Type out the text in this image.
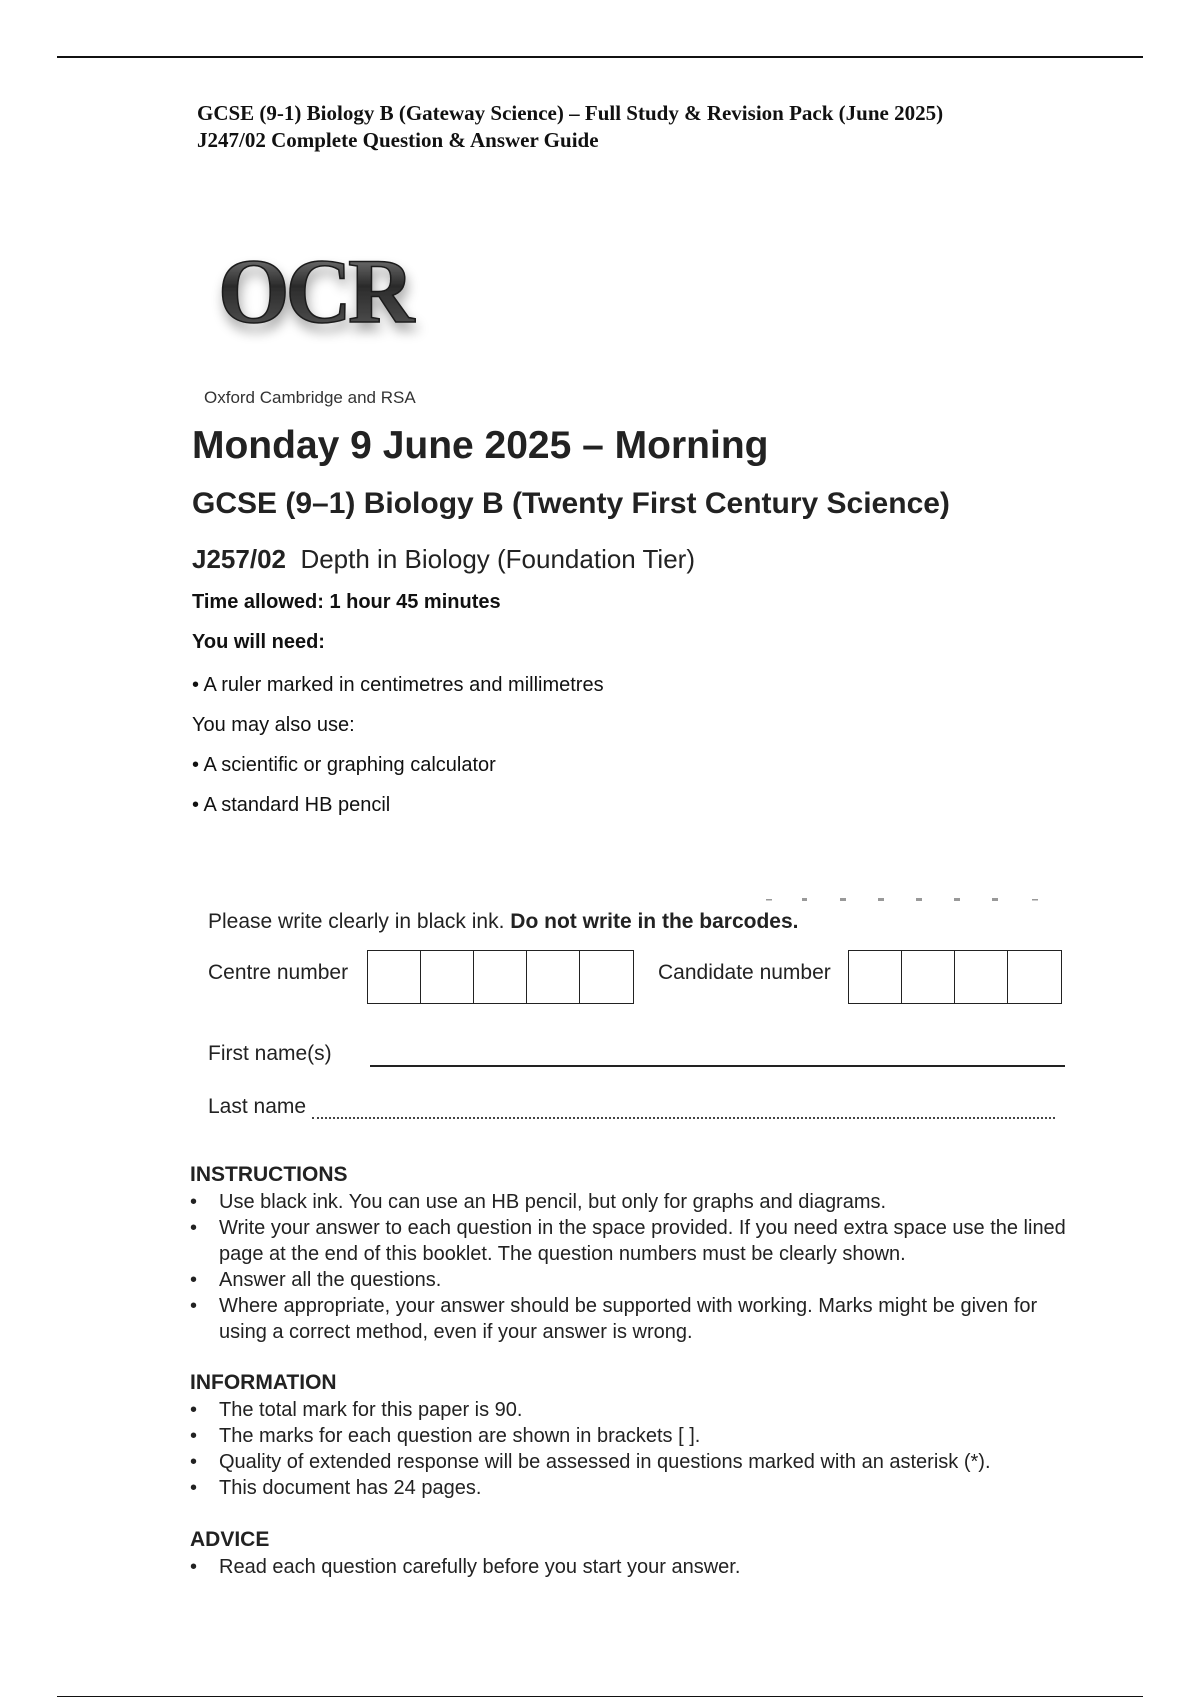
GCSE (9-1) Biology B (Gateway Science) – Full Study & Revision Pack (June 2025)
J247/02 Complete Question & Answer Guide
OCR
Oxford Cambridge and RSA
Monday 9 June 2025 – Morning
GCSE (9–1) Biology B (Twenty First Century Science)
J257/02 Depth in Biology (Foundation Tier)
Time allowed: 1 hour 45 minutes
You will need:
• A ruler marked in centimetres and millimetres
You may also use:
• A scientific or graphing calculator
• A standard HB pencil
Please write clearly in black ink. Do not write in the barcodes.
Centre number	Candidate number
First name(s)
Last name
INSTRUCTIONS
• Use black ink. You can use an HB pencil, but only for graphs and diagrams.
• Write your answer to each question in the space provided. If you need extra space use the lined page at the end of this booklet. The question numbers must be clearly shown.
• Answer all the questions.
• Where appropriate, your answer should be supported with working. Marks might be given for using a correct method, even if your answer is wrong.
INFORMATION
• The total mark for this paper is 90.
• The marks for each question are shown in brackets [ ].
• Quality of extended response will be assessed in questions marked with an asterisk (*).
• This document has 24 pages.
ADVICE
• Read each question carefully before you start your answer.
